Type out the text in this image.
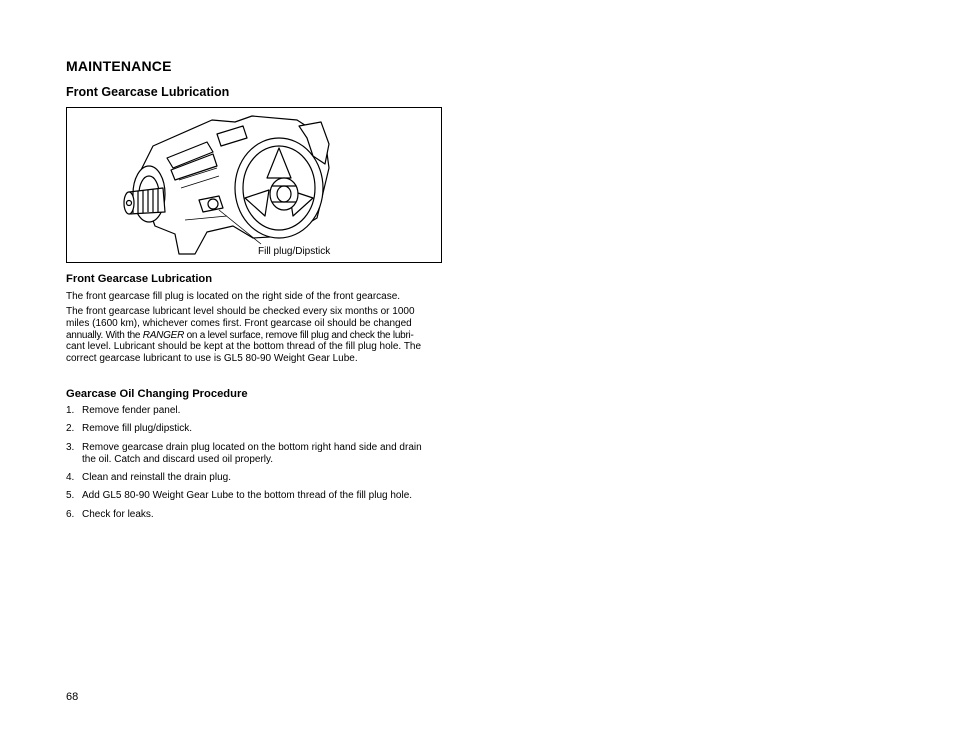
MAINTENANCE
Front Gearcase Lubrication
Fill plug/Dipstick
Front Gearcase Lubrication
The front gearcase fill plug is located on the right side of the front gearcase.
The front gearcase lubricant level should be checked every six months or 1000
miles (1600 km), whichever comes first. Front gearcase oil should be changed
annually. With the RANGER on a level surface, remove fill plug and check the lubri-
cant level. Lubricant should be kept at the bottom thread of the fill plug hole. The
correct gearcase lubricant to use is GL5 80-90 Weight Gear Lube.
Gearcase Oil Changing Procedure
1. Remove fender panel.
2. Remove fill plug/dipstick.
3. Remove gearcase drain plug located on the bottom right hand side and drain
the oil. Catch and discard used oil properly.
4. Clean and reinstall the drain plug.
5. Add GL5 80-90 Weight Gear Lube to the bottom thread of the fill plug hole.
6. Check for leaks.
68
